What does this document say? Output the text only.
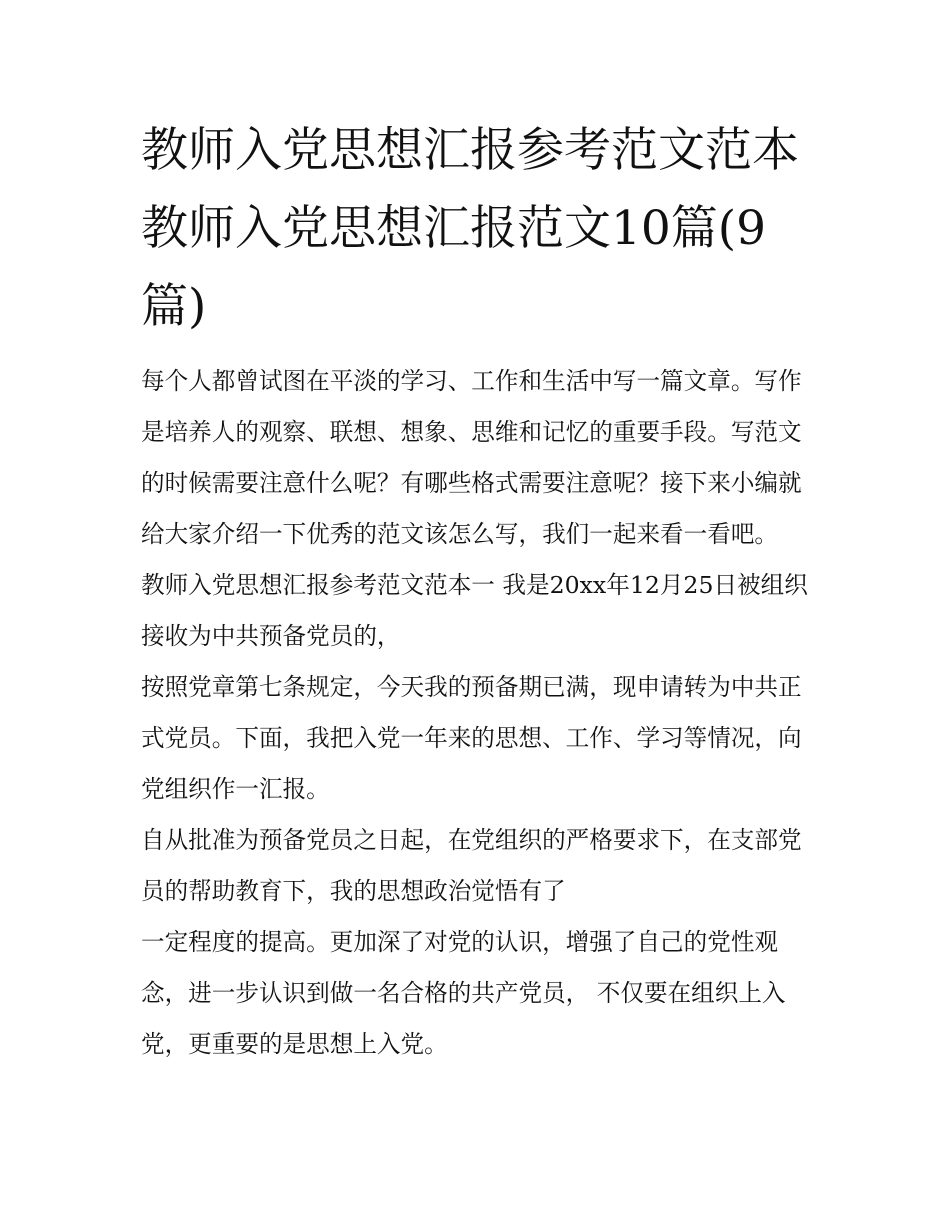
教师入党思想汇报参考范文范本 教师入党思想汇报范文10篇(9篇)

每个人都曾试图在平淡的学习、工作和生活中写一篇文章。写作是培养人的观察、联想、想象、思维和记忆的重要手段。写范文的时候需要注意什么呢？有哪些格式需要注意呢？接下来小编就给大家介绍一下优秀的范文该怎么写，我们一起来看一看吧。

教师入党思想汇报参考范文范本一 我是20xx年12月25日被组织接收为中共预备党员的，

按照党章第七条规定，今天我的预备期已满，现申请转为中共正式党员。下面，我把入党一年来的思想、工作、学习等情况，向党组织作一汇报。

自从批准为预备党员之日起，在党组织的严格要求下，在支部党员的帮助教育下，我的思想政治觉悟有了

一定程度的提高。更加深了对党的认识，增强了自己的党性观念，进一步认识到做一名合格的共产党员， 不仅要在组织上入党，更重要的是思想上入党。
